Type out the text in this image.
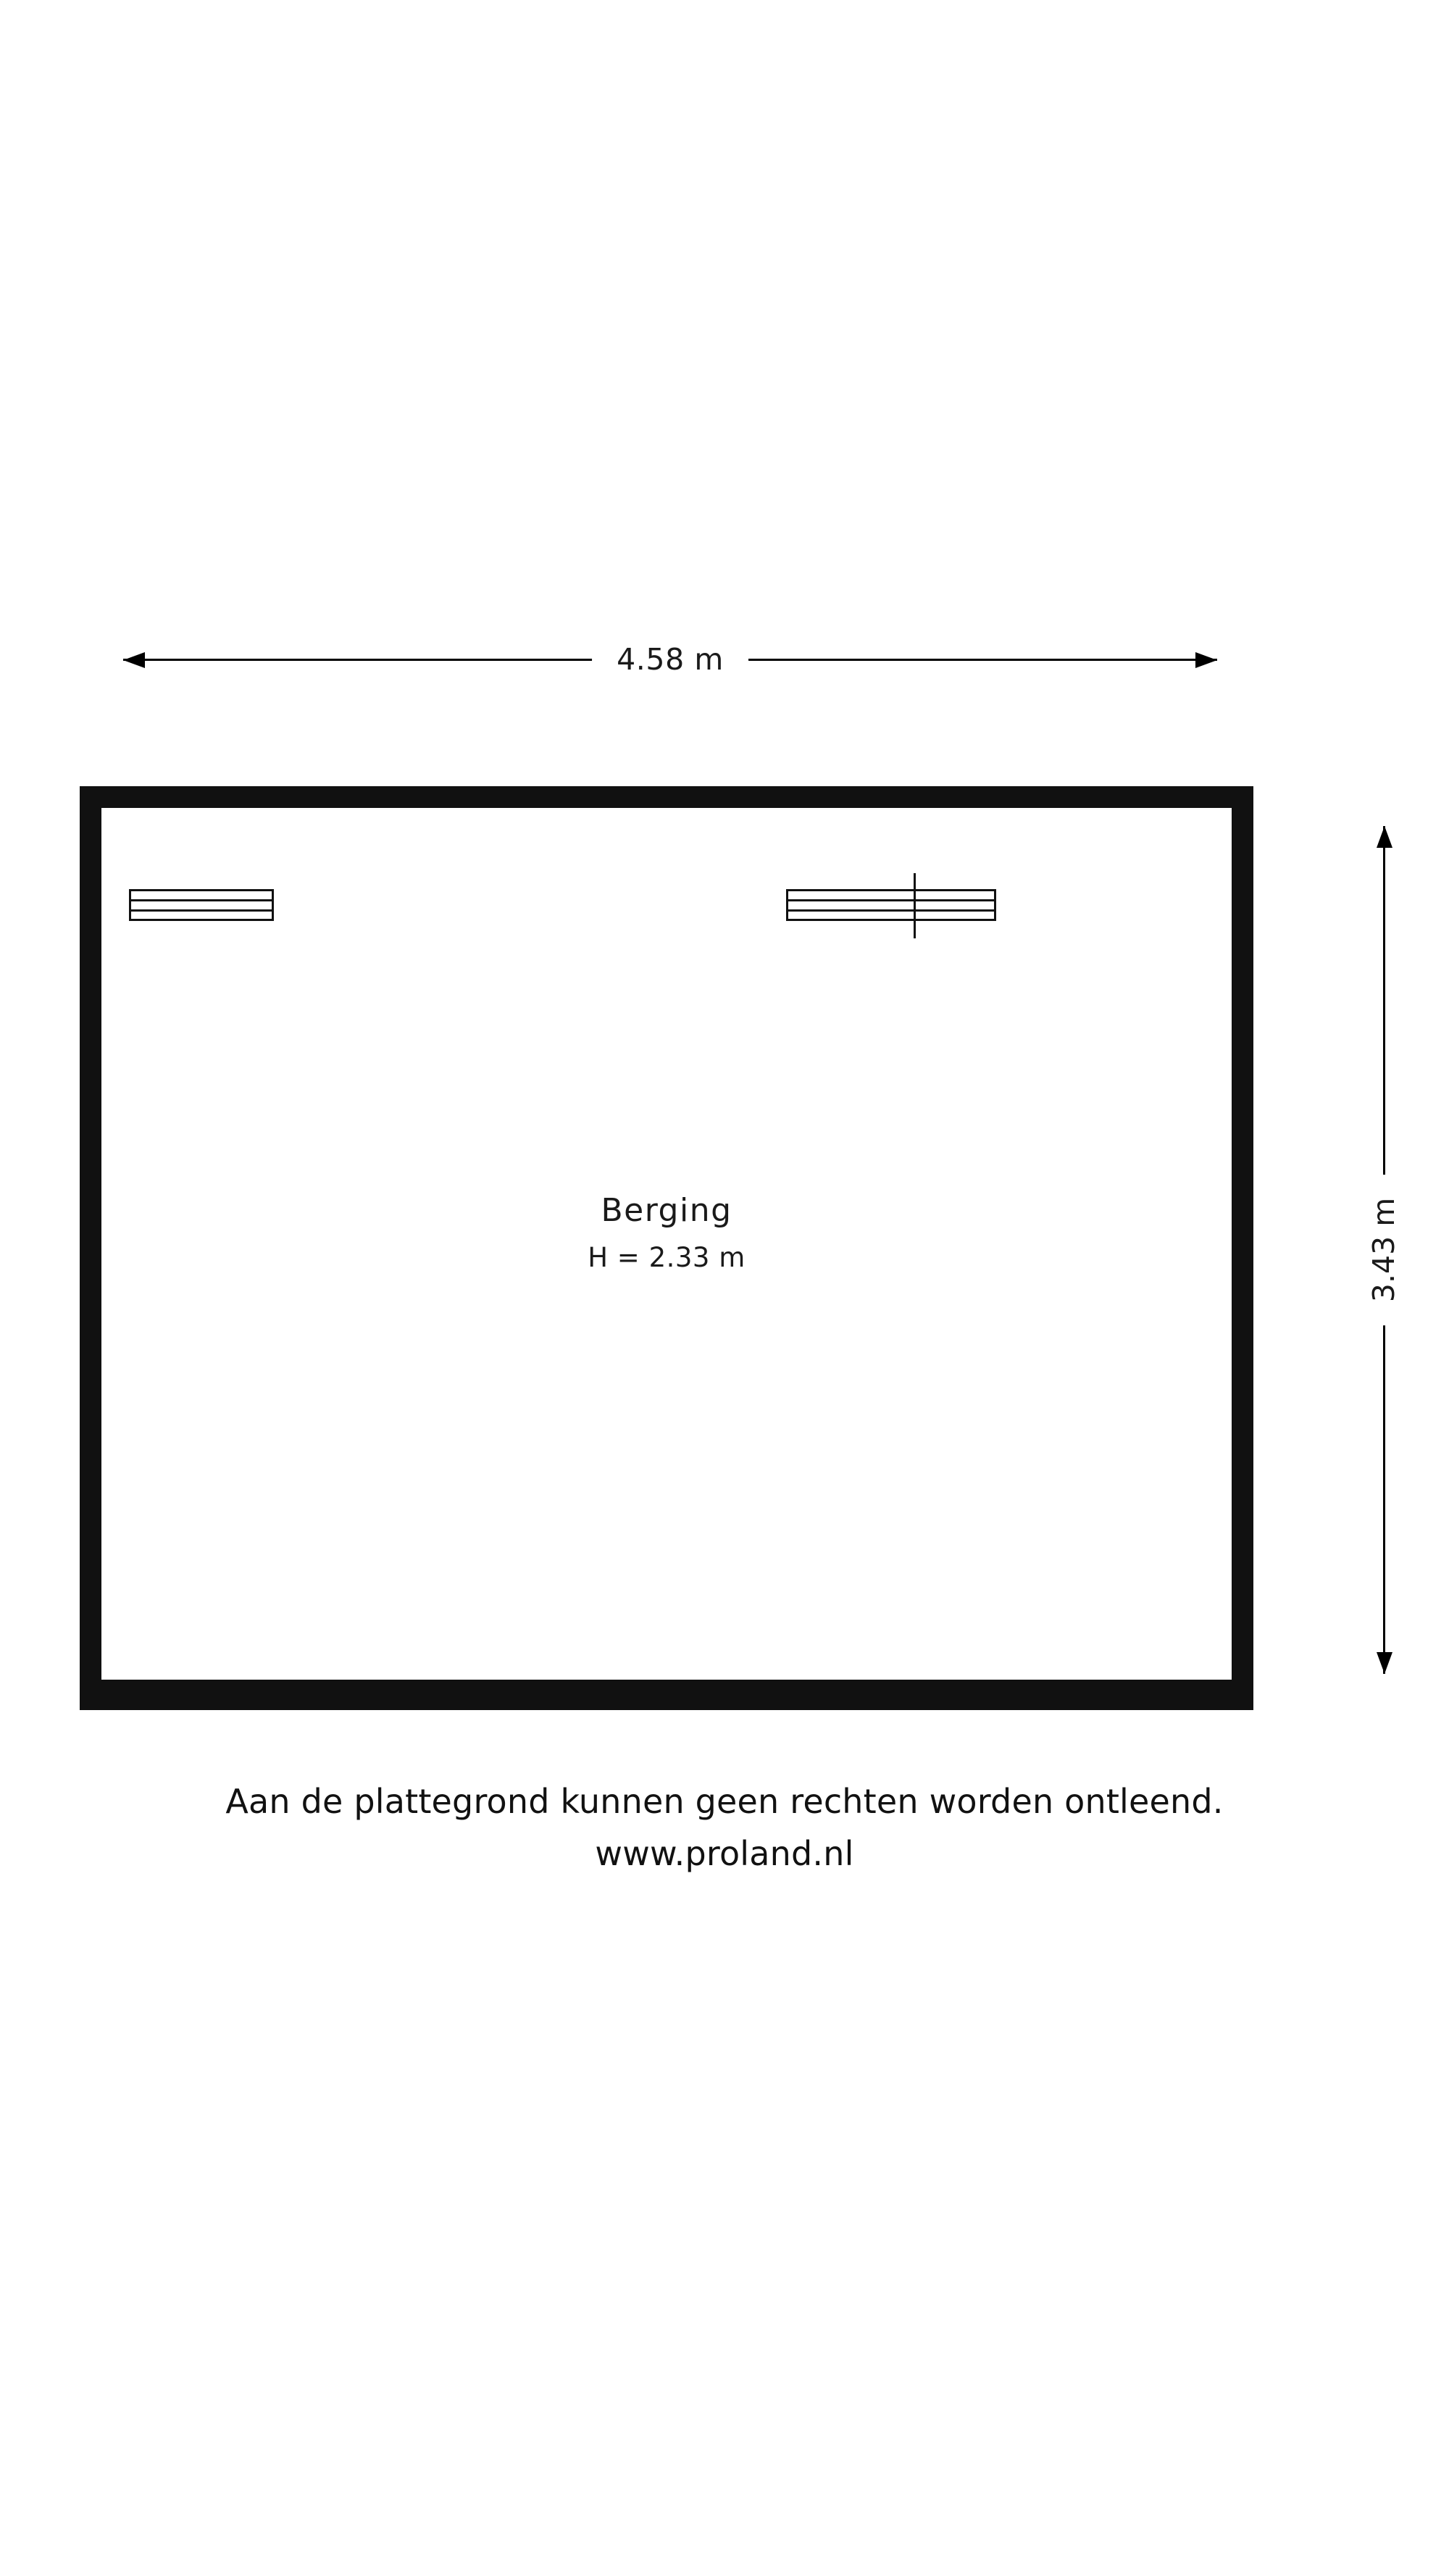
4.58 m
3.43 m
Berging
H = 2.33 m
Aan de plattegrond kunnen geen rechten worden ontleend.
www.proland.nl
